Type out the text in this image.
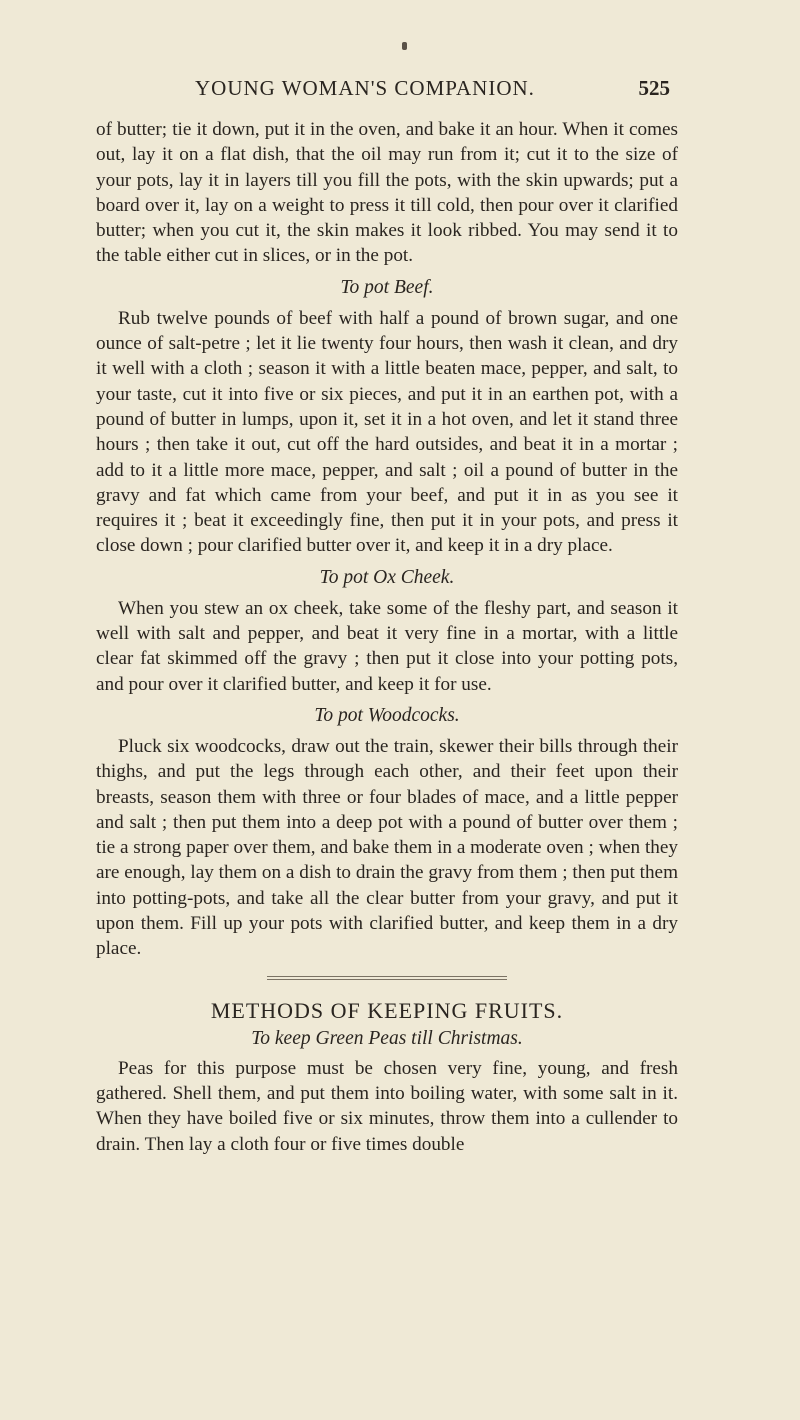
YOUNG WOMAN'S COMPANION.	525

of butter; tie it down, put it in the oven, and bake it an hour. When it comes out, lay it on a flat dish, that the oil may run from it; cut it to the size of your pots, lay it in layers till you fill the pots, with the skin upwards; put a board over it, lay on a weight to press it till cold, then pour over it clarified butter; when you cut it, the skin makes it look ribbed. You may send it to the table either cut in slices, or in the pot.

To pot Beef.

Rub twelve pounds of beef with half a pound of brown sugar, and one ounce of salt-petre ; let it lie twenty four hours, then wash it clean, and dry it well with a cloth ; season it with a little beaten mace, pepper, and salt, to your taste, cut it into five or six pieces, and put it in an earthen pot, with a pound of butter in lumps, upon it, set it in a hot oven, and let it stand three hours ; then take it out, cut off the hard outsides, and beat it in a mortar ; add to it a little more mace, pepper, and salt ; oil a pound of butter in the gravy and fat which came from your beef, and put it in as you see it requires it ; beat it exceedingly fine, then put it in your pots, and press it close down ; pour clarified butter over it, and keep it in a dry place.

To pot Ox Cheek.

When you stew an ox cheek, take some of the fleshy part, and season it well with salt and pepper, and beat it very fine in a mortar, with a little clear fat skimmed off the gravy ; then put it close into your potting pots, and pour over it clarified butter, and keep it for use.

To pot Woodcocks.

Pluck six woodcocks, draw out the train, skewer their bills through their thighs, and put the legs through each other, and their feet upon their breasts, season them with three or four blades of mace, and a little pepper and salt ; then put them into a deep pot with a pound of butter over them ; tie a strong paper over them, and bake them in a moderate oven ; when they are enough, lay them on a dish to drain the gravy from them ; then put them into potting-pots, and take all the clear butter from your gravy, and put it upon them. Fill up your pots with clarified butter, and keep them in a dry place.

METHODS OF KEEPING FRUITS.
To keep Green Peas till Christmas.

Peas for this purpose must be chosen very fine, young, and fresh gathered. Shell them, and put them into boiling water, with some salt in it. When they have boiled five or six minutes, throw them into a cullender to drain. Then lay a cloth four or five times double
